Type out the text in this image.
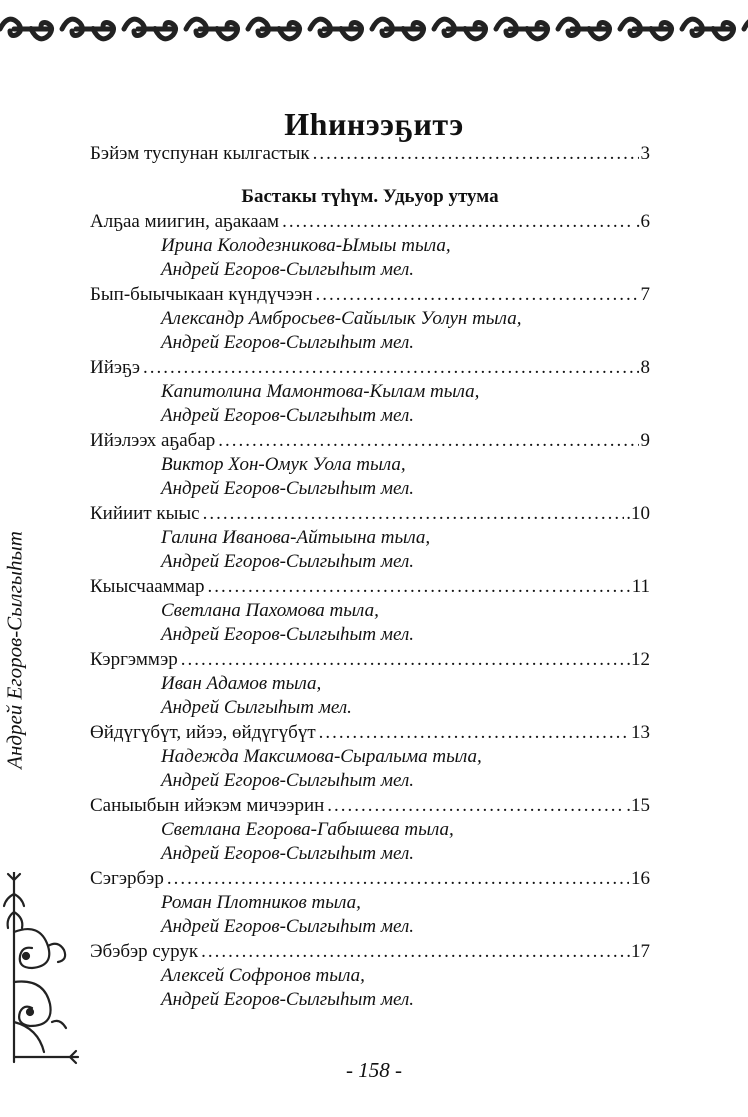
Андрей Егоров-Сылгыһыт
Иһинээҕитэ
Бэйэм туспунан кылгастык .....	3
Бастакы түһүм. Удьуор утума
Алҕаа миигин, аҕакаам .....	.6
Ирина Колодезникова-Ымыы тыла,
Андрей Егоров-Сылгыһыт мел.
Бып-быычыкаан күндүчээн .....	7
Александр Амбросьев-Сайылык Уолун тыла,
Андрей Егоров-Сылгыһыт мел.
Ийэҕэ .....	8
Капитолина Мамонтова-Кылам тыла,
Андрей Егоров-Сылгыһыт мел.
Ийэлээх аҕабар .....	9
Виктор Хон-Омук Уола тыла,
Андрей Егоров-Сылгыһыт мел.
Кийиит кыыс .....	.10
Галина Иванова-Айтыына тыла,
Андрей Егоров-Сылгыһыт мел.
Кыысчааммар .....	11
Светлана Пахомова тыла,
Андрей Егоров-Сылгыһыт мел.
Кэргэммэр .....	.12
Иван Адамов тыла,
Андрей Сылгыһыт мел.
Өйдүгүбүт, ийээ, өйдүгүбүт .....	13
Надежда Максимова-Сыралыма тыла,
Андрей Егоров-Сылгыһыт мел.
Саныыбын ийэкэм мичээрин .....	.15
Светлана Егорова-Габышева тыла,
Андрей Егоров-Сылгыһыт мел.
Сэгэрбэр .....	16
Роман Плотников тыла,
Андрей Егоров-Сылгыһыт мел.
Эбэбэр сурук .....	.17
Алексей Софронов тыла,
Андрей Егоров-Сылгыһыт мел.
- 158 -
